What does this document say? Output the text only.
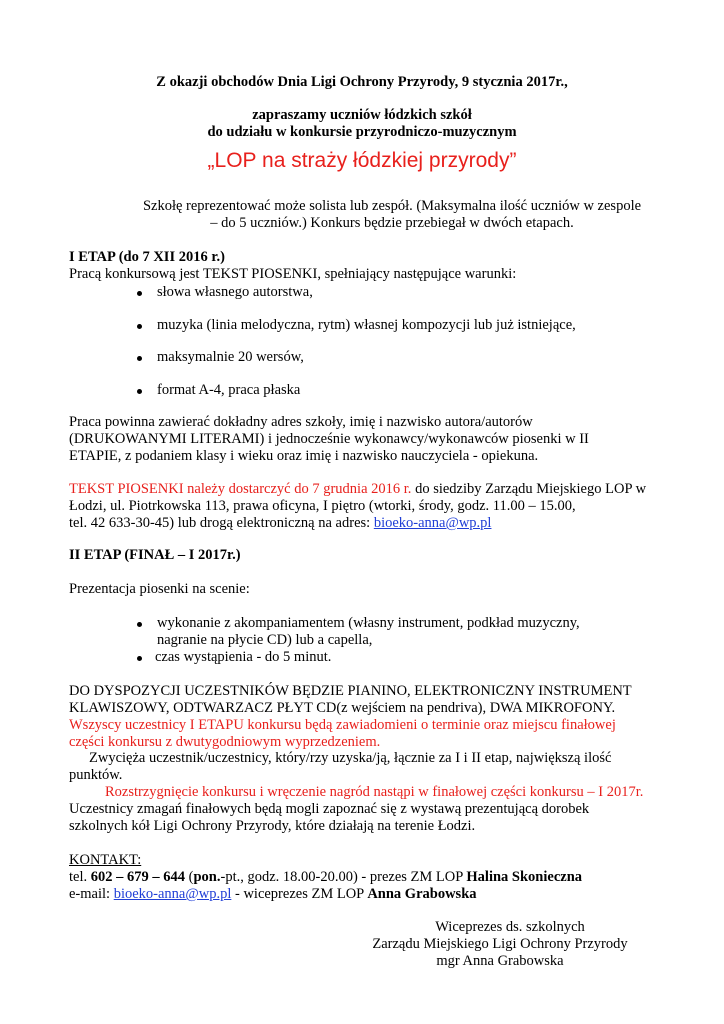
Z okazji obchodów Dnia Ligi Ochrony Przyrody, 9 stycznia 2017r.,
zapraszamy uczniów łódzkich szkół
do udziału w konkursie przyrodniczo-muzycznym
„LOP na straży łódzkiej przyrody”
Szkołę reprezentować może solista lub zespół. (Maksymalna ilość uczniów w zespole
– do 5 uczniów.) Konkurs będzie przebiegał w dwóch etapach.
I ETAP (do 7 XII 2016 r.)
Pracą konkursową jest TEKST PIOSENKI, spełniający następujące warunki:
słowa własnego autorstwa,
muzyka (linia melodyczna, rytm) własnej kompozycji lub już istniejące,
maksymalnie 20 wersów,
format A-4, praca płaska
Praca powinna zawierać dokładny adres szkoły, imię i nazwisko autora/autorów
(DRUKOWANYMI LITERAMI) i jednocześnie wykonawcy/wykonawców piosenki w II
ETAPIE, z podaniem klasy i wieku oraz imię i nazwisko nauczyciela - opiekuna.
TEKST PIOSENKI należy dostarczyć do 7 grudnia 2016 r. do siedziby Zarządu Miejskiego LOP w
Łodzi, ul. Piotrkowska 113, prawa oficyna, I piętro (wtorki, środy, godz. 11.00 – 15.00,
tel. 42 633-30-45) lub drogą elektroniczną na adres: bioeko-anna@wp.pl
II ETAP (FINAŁ – I 2017r.)
Prezentacja piosenki na scenie:
wykonanie z akompaniamentem (własny instrument, podkład muzyczny,
nagranie na płycie CD) lub a capella,
czas wystąpienia - do 5 minut.
DO DYSPOZYCJI UCZESTNIKÓW BĘDZIE PIANINO, ELEKTRONICZNY INSTRUMENT
KLAWISZOWY, ODTWARZACZ PŁYT CD(z wejściem na pendriva), DWA MIKROFONY.
Wszyscy uczestnicy I ETAPU konkursu będą zawiadomieni o terminie oraz miejscu finałowej
części konkursu z dwutygodniowym wyprzedzeniem.
Zwycięża uczestnik/uczestnicy, który/rzy uzyska/ją, łącznie za I i II etap, największą ilość
punktów.
Rozstrzygnięcie konkursu i wręczenie nagród nastąpi w finałowej części konkursu – I 2017r.
Uczestnicy zmagań finałowych będą mogli zapoznać się z wystawą prezentującą dorobek
szkolnych kół Ligi Ochrony Przyrody, które działają na terenie Łodzi.
KONTAKT:
tel. 602 – 679 – 644 (pon.-pt., godz. 18.00-20.00) - prezes ZM LOP Halina Skonieczna
e-mail: bioeko-anna@wp.pl - wiceprezes ZM LOP Anna Grabowska
Wiceprezes ds. szkolnych
Zarządu Miejskiego Ligi Ochrony Przyrody
mgr Anna Grabowska
